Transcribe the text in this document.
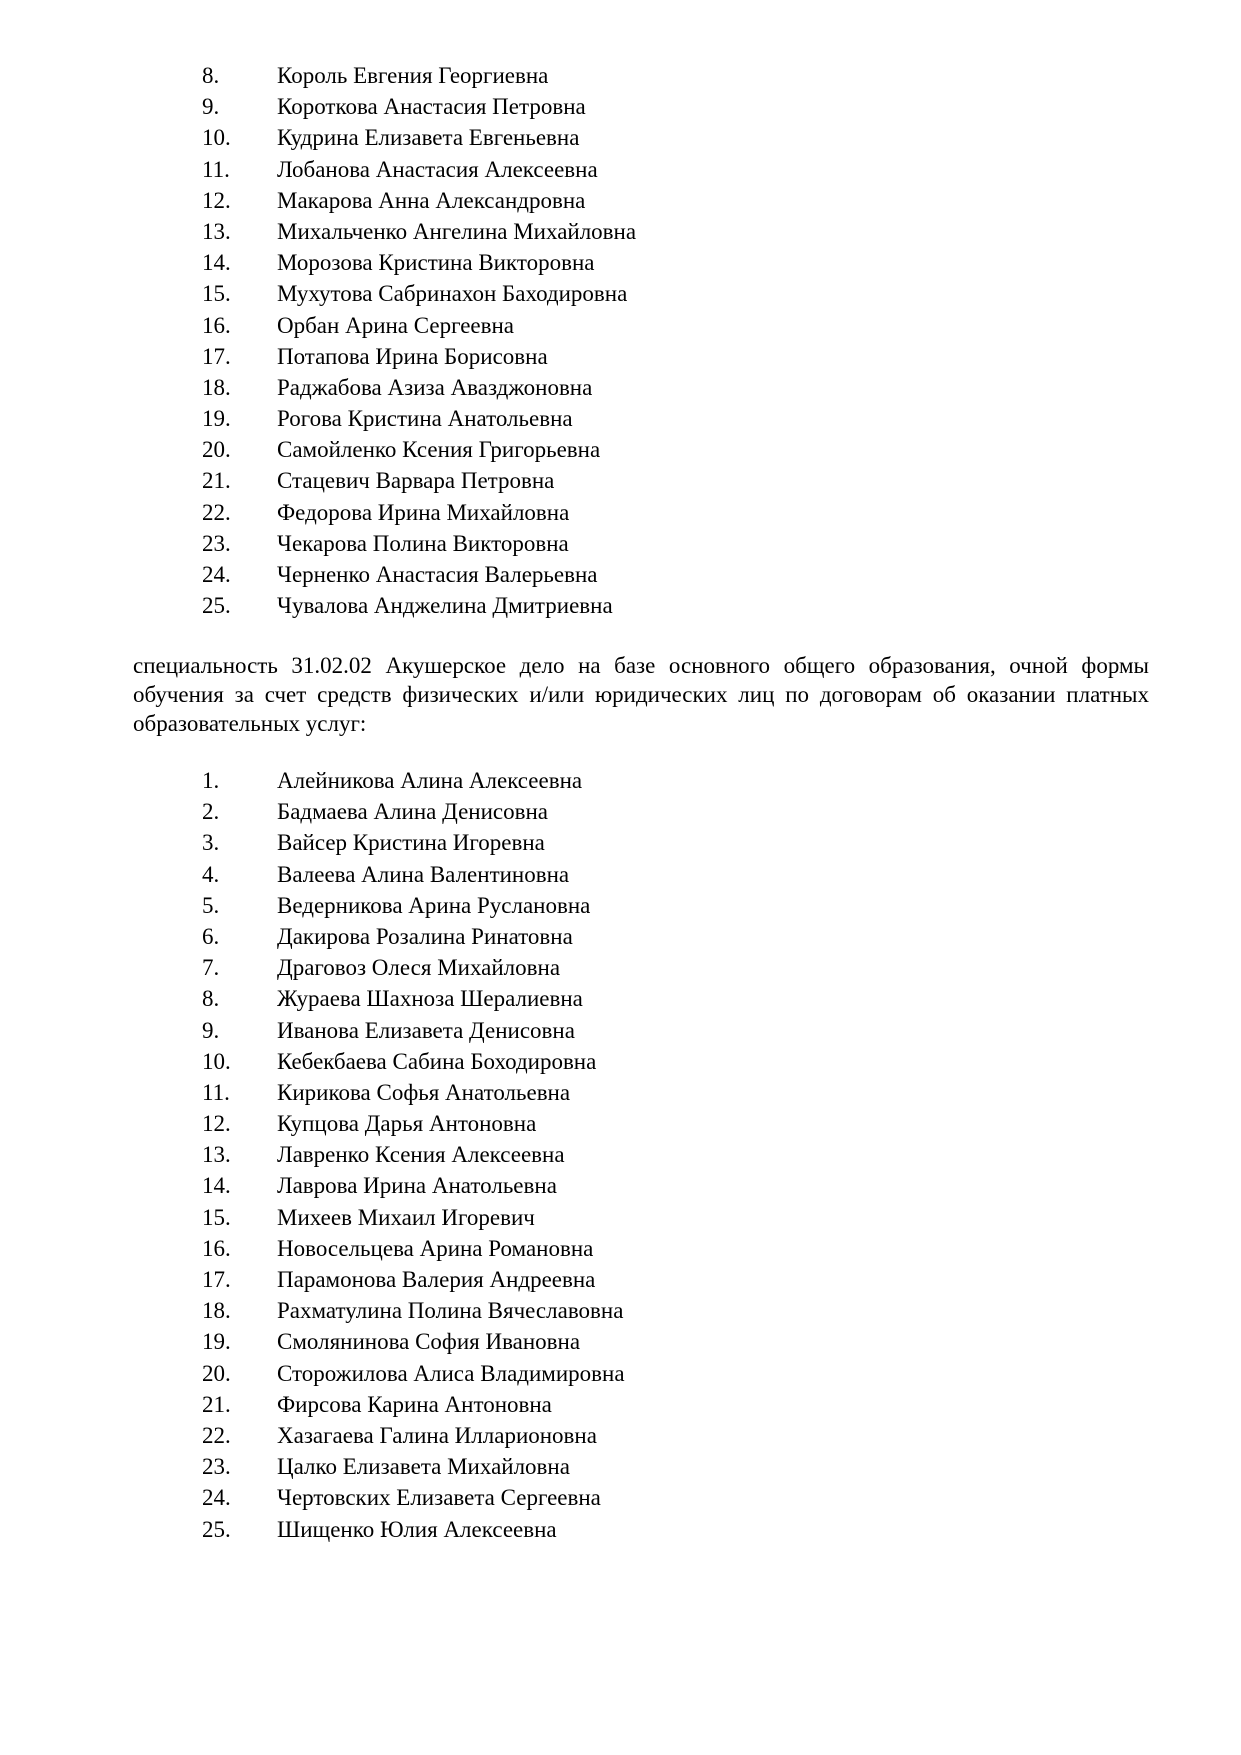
8.	Король Евгения Георгиевна
9.	Короткова Анастасия Петровна
10.	Кудрина Елизавета Евгеньевна
11.	Лобанова Анастасия Алексеевна
12.	Макарова Анна Александровна
13.	Михальченко Ангелина Михайловна
14.	Морозова Кристина Викторовна
15.	Мухутова Сабринахон Баходировна
16.	Орбан Арина Сергеевна
17.	Потапова Ирина Борисовна
18.	Раджабова Азиза Авазджоновна
19.	Рогова Кристина Анатольевна
20.	Самойленко Ксения Григорьевна
21.	Стацевич Варвара Петровна
22.	Федорова Ирина Михайловна
23.	Чекарова Полина Викторовна
24.	Черненко Анастасия Валерьевна
25.	Чувалова Анджелина Дмитриевна

специальность 31.02.02 Акушерское дело на базе основного общего образования, очной формы обучения за счет средств физических и/или юридических лиц по договорам об оказании платных образовательных услуг:

1.	Алейникова Алина Алексеевна
2.	Бадмаева Алина Денисовна
3.	Вайсер Кристина Игоревна
4.	Валеева Алина Валентиновна
5.	Ведерникова Арина Руслановна
6.	Дакирова Розалина Ринатовна
7.	Драговоз Олеся Михайловна
8.	Жураева Шахноза Шералиевна
9.	Иванова Елизавета Денисовна
10.	Кебекбаева Сабина Боходировна
11.	Кирикова Софья Анатольевна
12.	Купцова Дарья Антоновна
13.	Лавренко Ксения Алексеевна
14.	Лаврова Ирина Анатольевна
15.	Михеев Михаил Игоревич
16.	Новосельцева Арина Романовна
17.	Парамонова Валерия Андреевна
18.	Рахматулина Полина Вячеславовна
19.	Смолянинова София Ивановна
20.	Сторожилова Алиса Владимировна
21.	Фирсова Карина Антоновна
22.	Хазагаева Галина Илларионовна
23.	Цалко Елизавета Михайловна
24.	Чертовских Елизавета Сергеевна
25.	Шищенко Юлия Алексеевна
